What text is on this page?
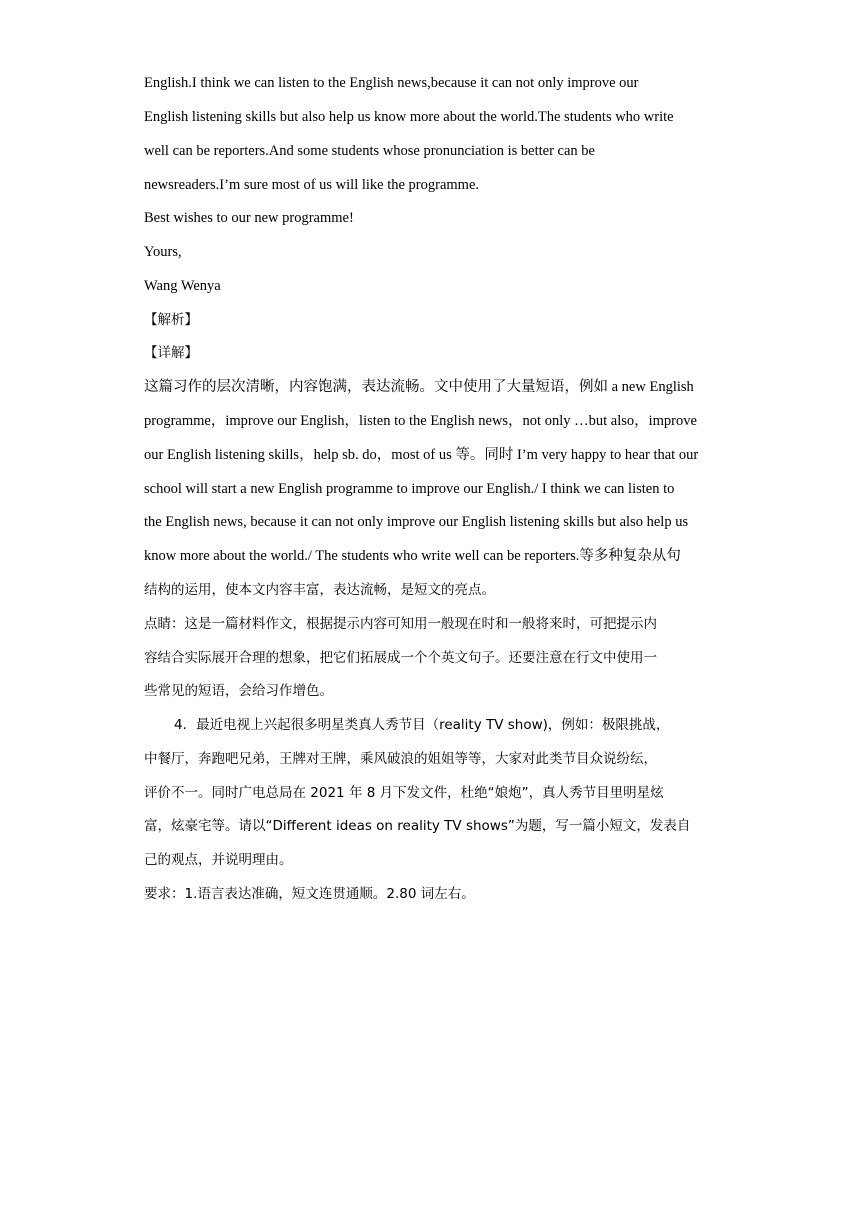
English.I think we can listen to the English news,because it can not only improve our
English listening skills but also help us know more about the world.The students who write
well can be reporters.And some students whose pronunciation is better can be
newsreaders.I’m sure most of us will like the programme.
Best wishes to our new programme!
Yours,
Wang Wenya
【解析】
【详解】
这篇习作的层次清晰，内容饱满，表达流畅。文中使用了大量短语，例如 a new English
programme，improve our English，listen to the English news，not only …but also，improve
our English listening skills，help sb. do，most of us 等。同时 I’m very happy to hear that our
school will start a new English programme to improve our English./ I think we can listen to
the English news, because it can not only improve our English listening skills but also help us
know more about the world./ The students who write well can be reporters.等多种复杂从句
结构的运用，使本文内容丰富，表达流畅，是短文的亮点。
点睛：这是一篇材料作文，根据提示内容可知用一般现在时和一般将来时，可把提示内
容结合实际展开合理的想象，把它们拓展成一个个英文句子。还要注意在行文中使用一
些常见的短语，会给习作增色。
4．最近电视上兴起很多明星类真人秀节目（reality TV show)，例如：极限挑战，
中餐厅，奔跑吧兄弟，王牌对王牌，乘风破浪的姐姐等等，大家对此类节目众说纷纭，
评价不一。同时广电总局在 2021 年 8 月下发文件，杜绝“娘炮”，真人秀节目里明星炫
富，炫豪宅等。请以“Different ideas on reality TV shows”为题，写一篇小短文，发表自
己的观点，并说明理由。
要求：1.语言表达准确，短文连贯通顺。2.80 词左右。
